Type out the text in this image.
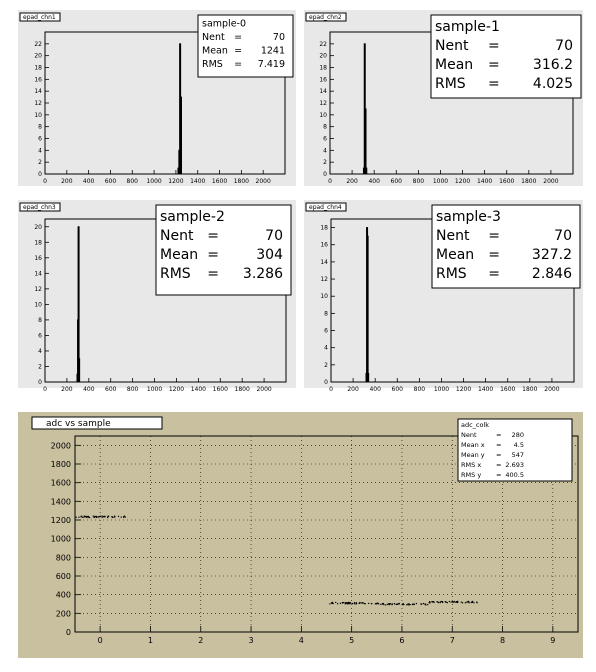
0 200 400 600 800 1000 1200 1400 1600 1800 2000
0
2
4
6
8
10
12
14
16
18
20
22
epad_chn1
sample-0
Nent =	70
Mean = 1241
RMS = 7.419
0 200 400 600 800 1000 1200 1400 1600 1800 2000
0
2
4
6
8
10
12
14
16
18
20
22
epad_chn2
sample-1
Nent =	70
Mean = 316.2
RMS = 4.025
0 200 400 600 800 1000 1200 1400 1600 1800 2000
0
2
4
6
8
10
12
14
16
18
20
epad_chn3
sample-2
Nent =	70
Mean =	304
RMS = 3.286
0 200 400 600 800 1000 1200 1400 1600 1800 2000
0
2
4
6
8
10
12
14
16
18
epad_chn4
sample-3
Nent =	70
Mean = 327.2
RMS = 2.846
0	1	2	3	4	5	6	7	8	9
0
200
400
600
800
1000
1200
1400
1600
1800
2000
adc vs sample	adc_colk
Nent	= 280
Mean x = 4.5
Mean y = 547
RMS x = 2.693
RMS y = 400.5
